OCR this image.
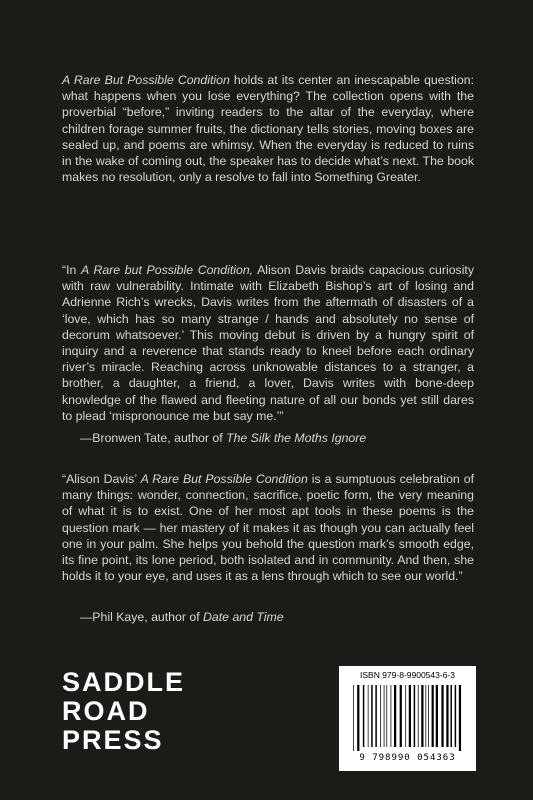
A Rare But Possible Condition holds at its center an inescapable question: what happens when you lose everything? The collection opens with the proverbial “before,” inviting readers to the altar of the everyday, where children forage summer fruits, the dictionary tells stories, moving boxes are sealed up, and poems are whimsy. When the everyday is reduced to ruins in the wake of coming out, the speaker has to decide what’s next. The book makes no resolution, only a resolve to fall into Something Greater.

“In A Rare but Possible Condition, Alison Davis braids capacious curiosity with raw vulnerability. Intimate with Elizabeth Bishop’s art of losing and Adrienne Rich’s wrecks, Davis writes from the aftermath of disasters of a ‘love, which has so many strange / hands and absolutely no sense of decorum whatsoever.’ This moving debut is driven by a hungry spirit of inquiry and a reverence that stands ready to kneel before each ordinary river’s miracle. Reaching across unknowable distances to a stranger, a brother, a daughter, a friend, a lover, Davis writes with bone-deep knowledge of the flawed and fleeting nature of all our bonds yet still dares to plead ‘mispronounce me but say me.’”

—Bronwen Tate, author of The Silk the Moths Ignore

“Alison Davis’ A Rare But Possible Condition is a sumptuous celebration of many things: wonder, connection, sacrifice, poetic form, the very meaning of what it is to exist. One of her most apt tools in these poems is the question mark — her mastery of it makes it as though you can actually feel one in your palm. She helps you behold the question mark’s smooth edge, its fine point, its lone period, both isolated and in community. And then, she holds it to your eye, and uses it as a lens through which to see our world.”

—Phil Kaye, author of Date and Time
SADDLE
ROAD
PRESS
ISBN 979-8-9900543-6-3
9 798990 054363
